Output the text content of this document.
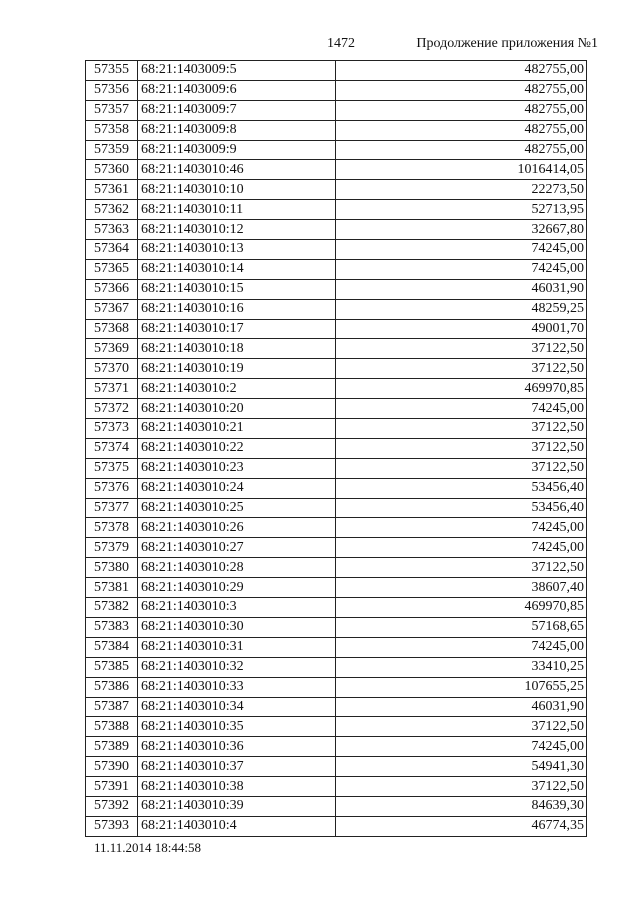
1472	Продолжение приложения №1
57355	68:21:1403009:5	482755,00
57356	68:21:1403009:6	482755,00
57357	68:21:1403009:7	482755,00
57358	68:21:1403009:8	482755,00
57359	68:21:1403009:9	482755,00
57360	68:21:1403010:46	1016414,05
57361	68:21:1403010:10	22273,50
57362	68:21:1403010:11	52713,95
57363	68:21:1403010:12	32667,80
57364	68:21:1403010:13	74245,00
57365	68:21:1403010:14	74245,00
57366	68:21:1403010:15	46031,90
57367	68:21:1403010:16	48259,25
57368	68:21:1403010:17	49001,70
57369	68:21:1403010:18	37122,50
57370	68:21:1403010:19	37122,50
57371	68:21:1403010:2	469970,85
57372	68:21:1403010:20	74245,00
57373	68:21:1403010:21	37122,50
57374	68:21:1403010:22	37122,50
57375	68:21:1403010:23	37122,50
57376	68:21:1403010:24	53456,40
57377	68:21:1403010:25	53456,40
57378	68:21:1403010:26	74245,00
57379	68:21:1403010:27	74245,00
57380	68:21:1403010:28	37122,50
57381	68:21:1403010:29	38607,40
57382	68:21:1403010:3	469970,85
57383	68:21:1403010:30	57168,65
57384	68:21:1403010:31	74245,00
57385	68:21:1403010:32	33410,25
57386	68:21:1403010:33	107655,25
57387	68:21:1403010:34	46031,90
57388	68:21:1403010:35	37122,50
57389	68:21:1403010:36	74245,00
57390	68:21:1403010:37	54941,30
57391	68:21:1403010:38	37122,50
57392	68:21:1403010:39	84639,30
57393	68:21:1403010:4	46774,35
11.11.2014 18:44:58
